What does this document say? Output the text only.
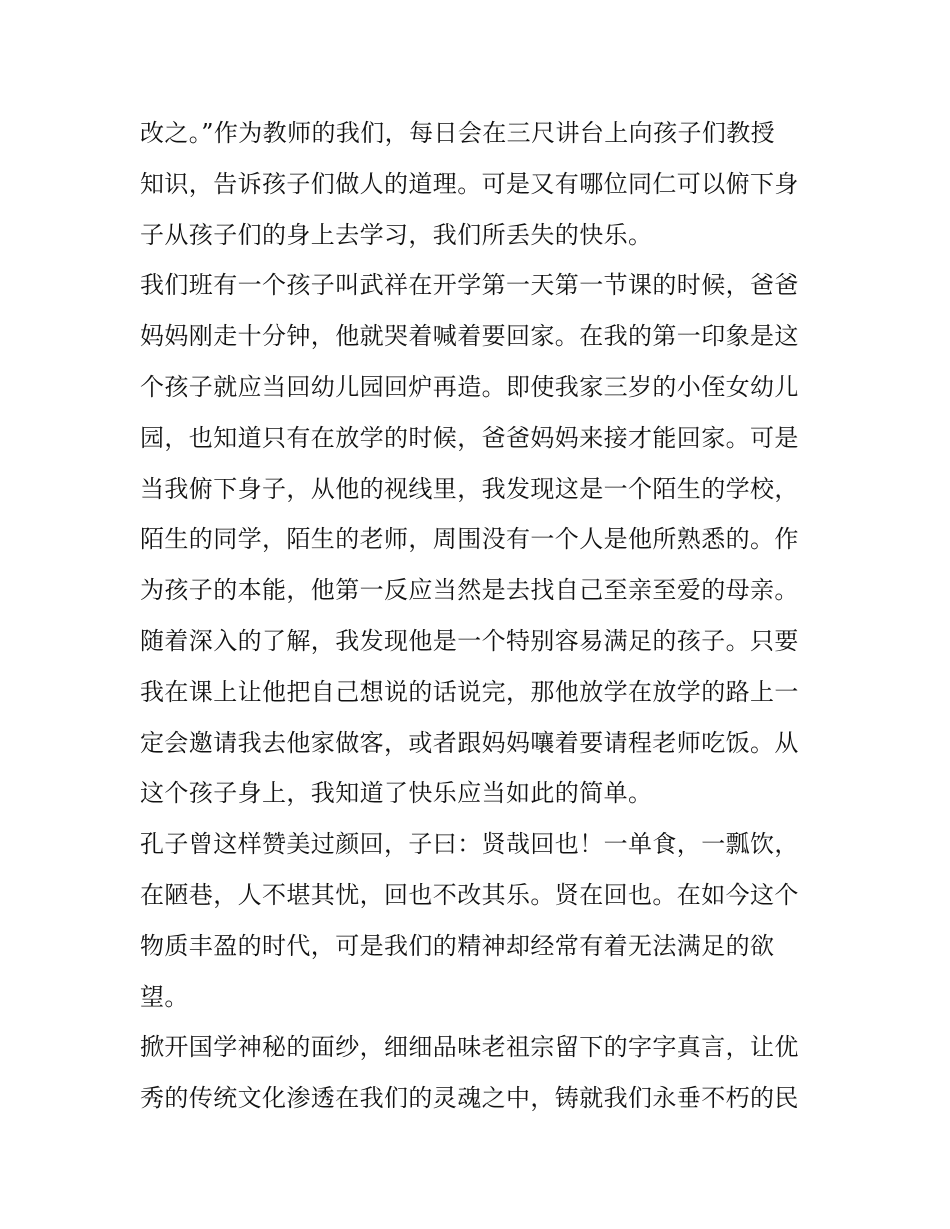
改之。”作为教师的我们，每日会在三尺讲台上向孩子们教授
知识，告诉孩子们做人的道理。可是又有哪位同仁可以俯下身
子从孩子们的身上去学习，我们所丢失的快乐。
我们班有一个孩子叫武祥在开学第一天第一节课的时候，爸爸
妈妈刚走十分钟，他就哭着喊着要回家。在我的第一印象是这
个孩子就应当回幼儿园回炉再造。即使我家三岁的小侄女幼儿
园，也知道只有在放学的时候，爸爸妈妈来接才能回家。可是
当我俯下身子，从他的视线里，我发现这是一个陌生的学校，
陌生的同学，陌生的老师，周围没有一个人是他所熟悉的。作
为孩子的本能，他第一反应当然是去找自己至亲至爱的母亲。
随着深入的了解，我发现他是一个特别容易满足的孩子。只要
我在课上让他把自己想说的话说完，那他放学在放学的路上一
定会邀请我去他家做客，或者跟妈妈嚷着要请程老师吃饭。从
这个孩子身上，我知道了快乐应当如此的简单。
孔子曾这样赞美过颜回，子曰：贤哉回也！一单食，一瓢饮，
在陋巷，人不堪其忧，回也不改其乐。贤在回也。在如今这个
物质丰盈的时代，可是我们的精神却经常有着无法满足的欲
望。
掀开国学神秘的面纱，细细品味老祖宗留下的字字真言，让优
秀的传统文化渗透在我们的灵魂之中，铸就我们永垂不朽的民
